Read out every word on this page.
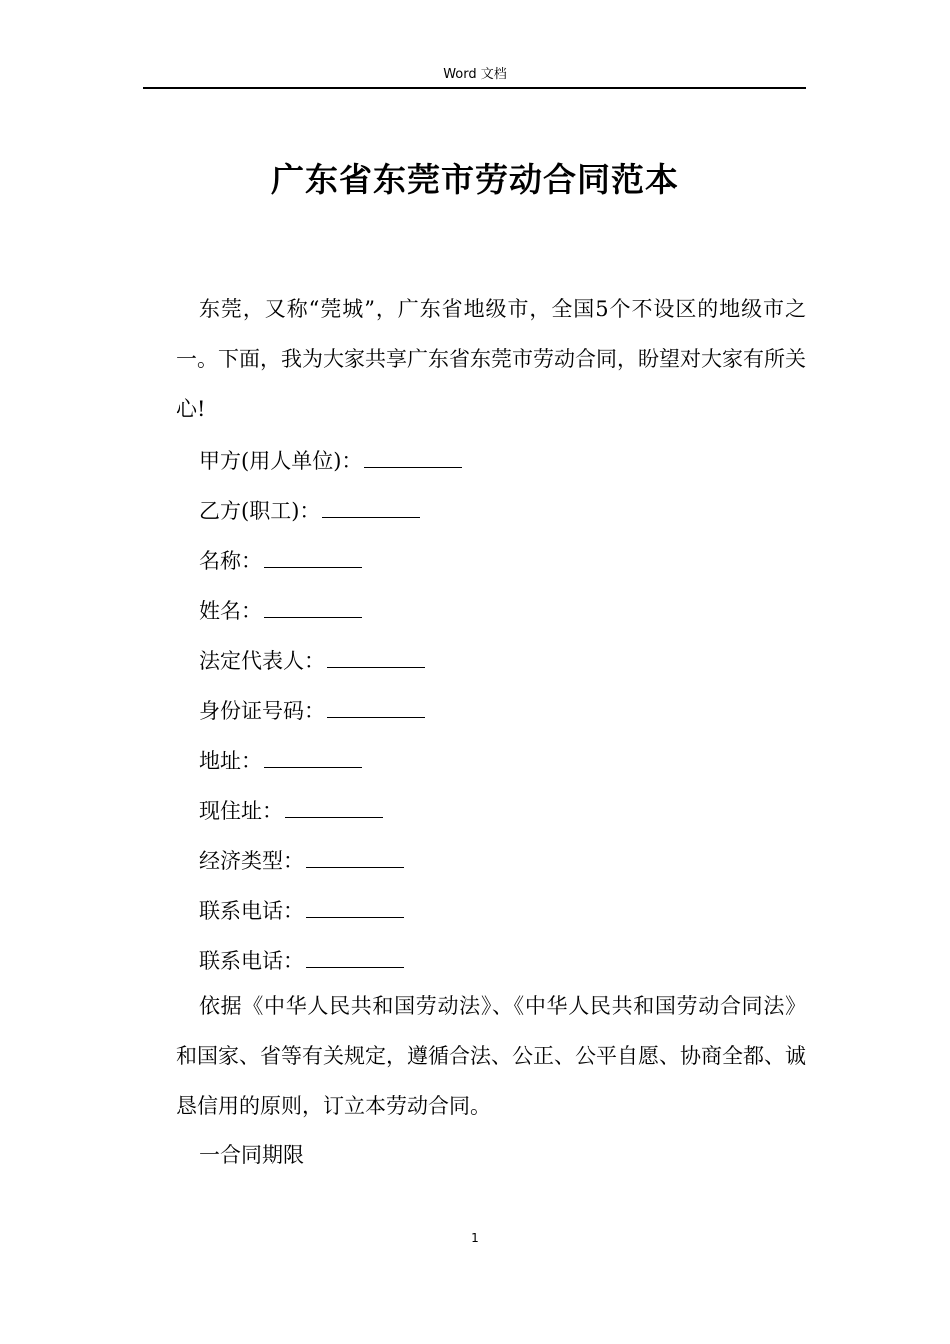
Word 文档
广东省东莞市劳动合同范本

东莞，又称“莞城”，广东省地级市，全国5个不设区的地级市之一。下面，我为大家共享广东省东莞市劳动合同，盼望对大家有所关心!

甲方(用人单位)：

乙方(职工)：

名称：

姓名：

法定代表人：

身份证号码：

地址：

现住址：

经济类型：

联系电话：

联系电话：

依据《中华人民共和国劳动法》、《中华人民共和国劳动合同法》和国家、省等有关规定，遵循合法、公正、公平自愿、协商全都、诚恳信用的原则，订立本劳动合同。

一合同期限

1
